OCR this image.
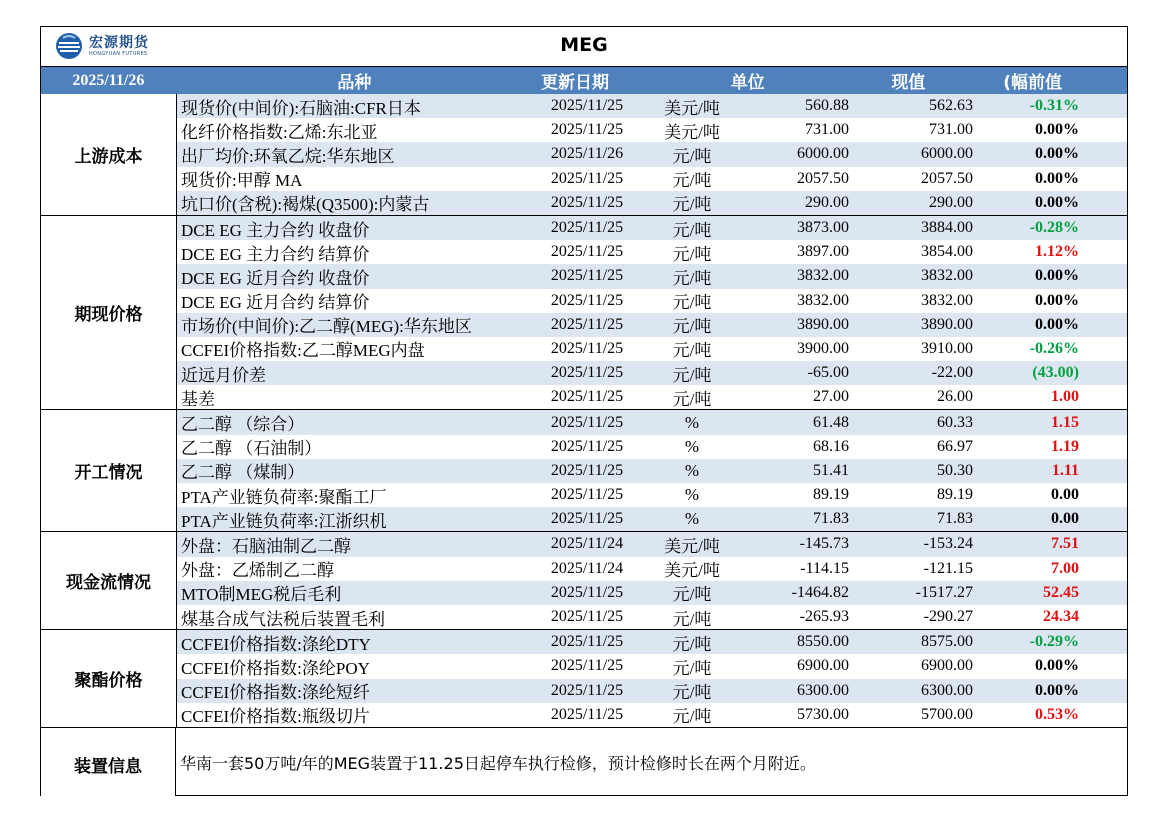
宏源期货
HONGYUAN FUTURES	MEG
2025/11/26	品种	更新日期	单位	现值	(幅前值
上游成本
现货价(中间价):石脑油:CFR日本	2025/11/25	美元/吨	560.88	562.63	-0.31%
化纤价格指数:乙烯:东北亚	2025/11/25	美元/吨	731.00	731.00	0.00%
出厂均价:环氧乙烷:华东地区	2025/11/26	元/吨	6000.00	6000.00	0.00%
现货价:甲醇 MA	2025/11/25	元/吨	2057.50	2057.50	0.00%
坑口价(含税):褐煤(Q3500):内蒙古	2025/11/25	元/吨	290.00	290.00	0.00%
期现价格
DCE EG 主力合约 收盘价	2025/11/25	元/吨	3873.00	3884.00	-0.28%
DCE EG 主力合约 结算价	2025/11/25	元/吨	3897.00	3854.00	1.12%
DCE EG 近月合约 收盘价	2025/11/25	元/吨	3832.00	3832.00	0.00%
DCE EG 近月合约 结算价	2025/11/25	元/吨	3832.00	3832.00	0.00%
市场价(中间价):乙二醇(MEG):华东地区	2025/11/25	元/吨	3890.00	3890.00	0.00%
CCFEI价格指数:乙二醇MEG内盘	2025/11/25	元/吨	3900.00	3910.00	-0.26%
近远月价差	2025/11/25	元/吨	-65.00	-22.00	(43.00)
基差	2025/11/25	元/吨	27.00	26.00	1.00
开工情况
乙二醇 （综合）	2025/11/25	%	61.48	60.33	1.15
乙二醇 （石油制）	2025/11/25	%	68.16	66.97	1.19
乙二醇 （煤制）	2025/11/25	%	51.41	50.30	1.11
PTA产业链负荷率:聚酯工厂	2025/11/25	%	89.19	89.19	0.00
PTA产业链负荷率:江浙织机	2025/11/25	%	71.83	71.83	0.00
现金流情况
外盘：石脑油制乙二醇	2025/11/24	美元/吨	-145.73	-153.24	7.51
外盘：乙烯制乙二醇	2025/11/24	美元/吨	-114.15	-121.15	7.00
MTO制MEG税后毛利	2025/11/25	元/吨	-1464.82	-1517.27	52.45
煤基合成气法税后装置毛利	2025/11/25	元/吨	-265.93	-290.27	24.34
聚酯价格
CCFEI价格指数:涤纶DTY	2025/11/25	元/吨	8550.00	8575.00	-0.29%
CCFEI价格指数:涤纶POY	2025/11/25	元/吨	6900.00	6900.00	0.00%
CCFEI价格指数:涤纶短纤	2025/11/25	元/吨	6300.00	6300.00	0.00%
CCFEI价格指数:瓶级切片	2025/11/25	元/吨	5730.00	5700.00	0.53%
装置信息	华南一套50万吨/年的MEG装置于11.25日起停车执行检修，预计检修时长在两个月附近。
